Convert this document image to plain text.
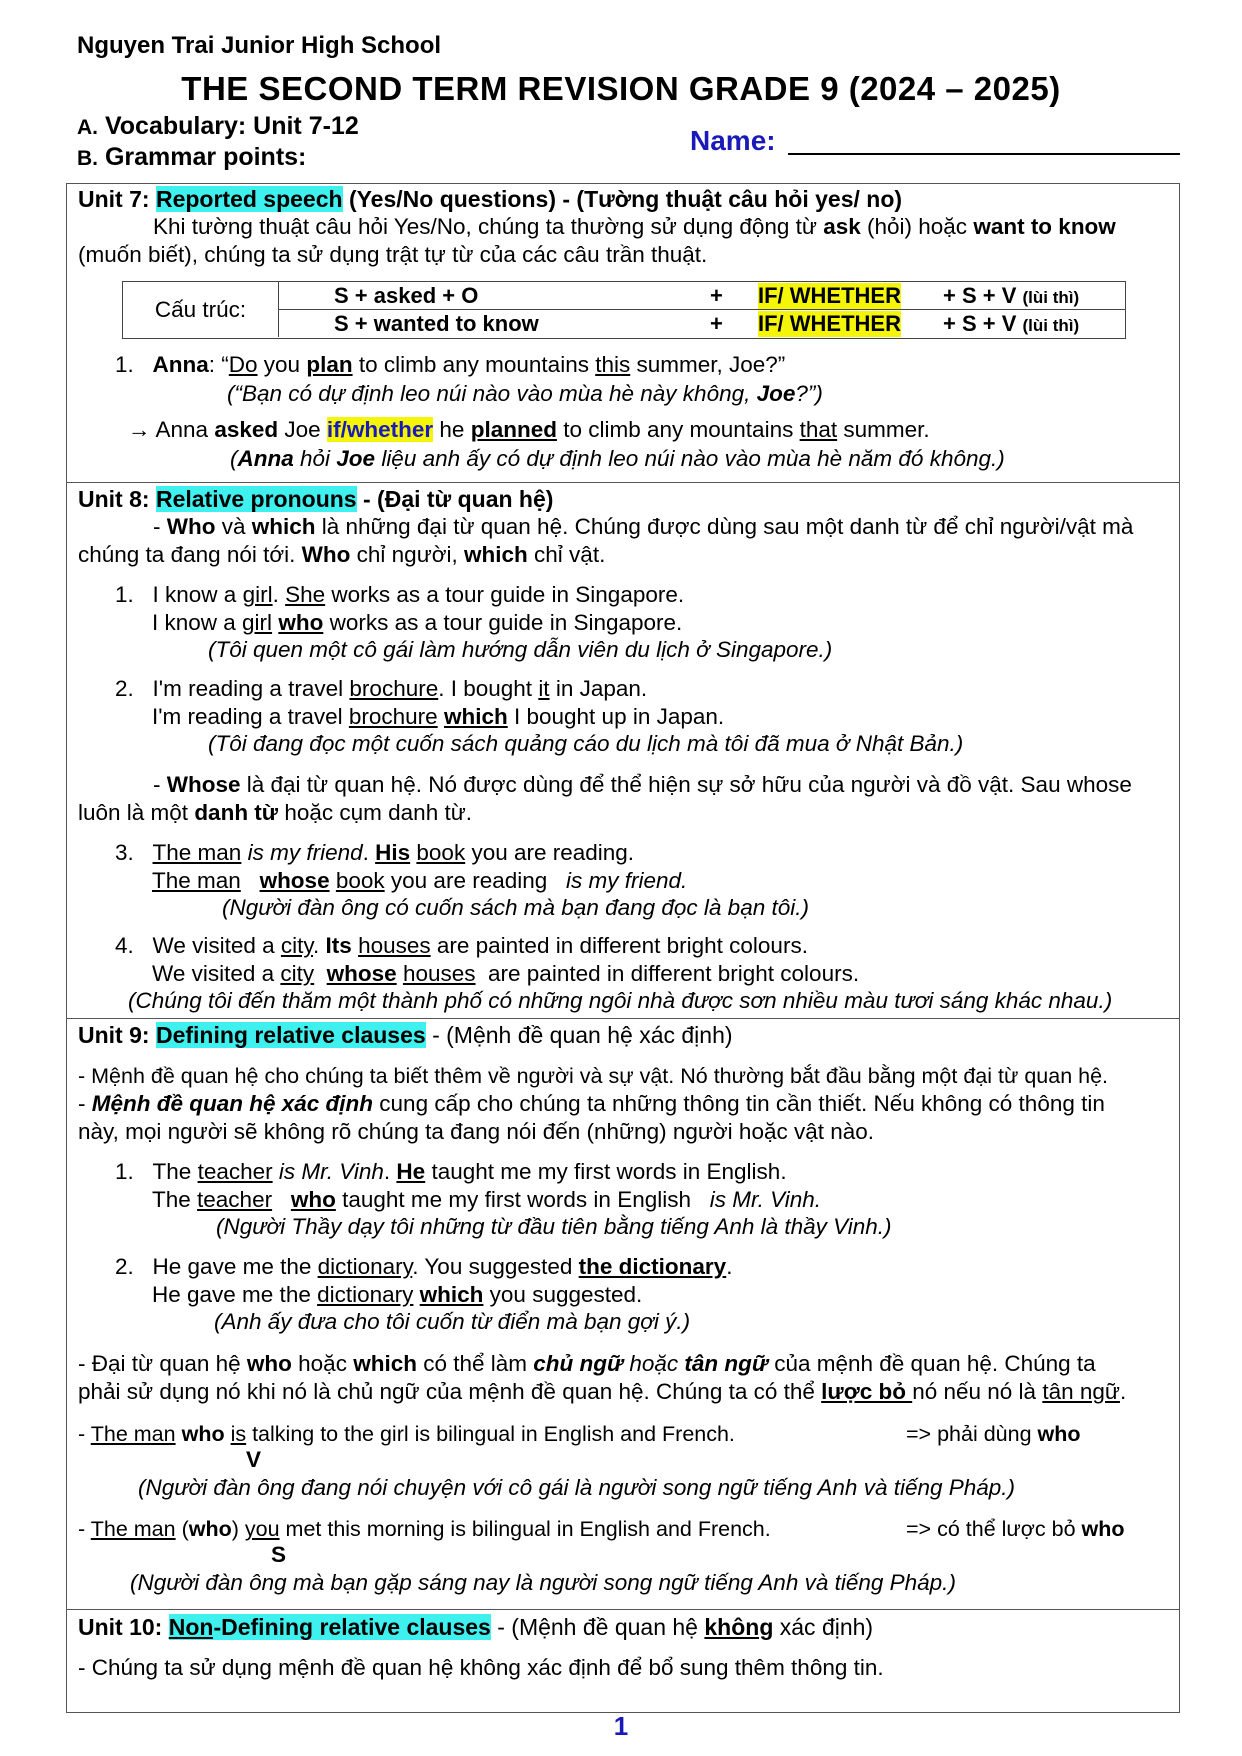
Nguyen Trai Junior High School
THE SECOND TERM REVISION GRADE 9 (2024 – 2025)
A. Vocabulary: Unit 7-12
B. Grammar points:
Name:
Unit 7: Reported speech (Yes/No questions) - (Tường thuật câu hỏi yes/ no)
Khi tường thuật câu hỏi Yes/No, chúng ta thường sử dụng động từ ask (hỏi) hoặc want to know
(muốn biết), chúng ta sử dụng trật tự từ của các câu trần thuật.
Cấu trúc:
S + asked + O	+ IF/ WHETHER + S + V (lùi thì)
S + wanted to know	+ IF/ WHETHER + S + V (lùi thì)
1. Anna: “Do you plan to climb any mountains this summer, Joe?”
(“Bạn có dự định leo núi nào vào mùa hè này không, Joe?”)
→ Anna asked Joe if/whether he planned to climb any mountains that summer.
(Anna hỏi Joe liệu anh ấy có dự định leo núi nào vào mùa hè năm đó không.)
Unit 8: Relative pronouns - (Đại từ quan hệ)
- Who và which là những đại từ quan hệ. Chúng được dùng sau một danh từ để chỉ người/vật mà
chúng ta đang nói tới. Who chỉ người, which chỉ vật.
1. I know a girl. She works as a tour guide in Singapore.
I know a girl who works as a tour guide in Singapore.
(Tôi quen một cô gái làm hướng dẫn viên du lịch ở Singapore.)
2. I'm reading a travel brochure. I bought it in Japan.
I'm reading a travel brochure which I bought up in Japan.
(Tôi đang đọc một cuốn sách quảng cáo du lịch mà tôi đã mua ở Nhật Bản.)
- Whose là đại từ quan hệ. Nó được dùng để thể hiện sự sở hữu của người và đồ vật. Sau whose
luôn là một danh từ hoặc cụm danh từ.
3. The man is my friend. His book you are reading.
The man whose book you are reading   is my friend.
(Người đàn ông có cuốn sách mà bạn đang đọc là bạn tôi.)
4. We visited a city. Its houses are painted in different bright colours.
We visited a city whose houses  are painted in different bright colours.
(Chúng tôi đến thăm một thành phố có những ngôi nhà được sơn nhiều màu tươi sáng khác nhau.)
Unit 9: Defining relative clauses - (Mệnh đề quan hệ xác định)
- Mệnh đề quan hệ cho chúng ta biết thêm về người và sự vật. Nó thường bắt đầu bằng một đại từ quan hệ.
- Mệnh đề quan hệ xác định cung cấp cho chúng ta những thông tin cần thiết. Nếu không có thông tin
này, mọi người sẽ không rõ chúng ta đang nói đến (những) người hoặc vật nào.
1. The teacher is Mr. Vinh. He taught me my first words in English.
The teacher who taught me my first words in English   is Mr. Vinh.
(Người Thầy dạy tôi những từ đầu tiên bằng tiếng Anh là thầy Vinh.)
2. He gave me the dictionary. You suggested the dictionary.
He gave me the dictionary which you suggested.
(Anh ấy đưa cho tôi cuốn từ điển mà bạn gợi ý.)
- Đại từ quan hệ who hoặc which có thể làm chủ ngữ hoặc tân ngữ của mệnh đề quan hệ. Chúng ta
phải sử dụng nó khi nó là chủ ngữ của mệnh đề quan hệ. Chúng ta có thể lược bỏ nó nếu nó là tân ngữ.
- The man who is talking to the girl is bilingual in English and French.	=> phải dùng who
V
(Người đàn ông đang nói chuyện với cô gái là người song ngữ tiếng Anh và tiếng Pháp.)
- The man (who) you met this morning is bilingual in English and French.	=> có thể lược bỏ who
S
(Người đàn ông mà bạn gặp sáng nay là người song ngữ tiếng Anh và tiếng Pháp.)
Unit 10: Non-Defining relative clauses - (Mệnh đề quan hệ không xác định)
- Chúng ta sử dụng mệnh đề quan hệ không xác định để bổ sung thêm thông tin.
1
